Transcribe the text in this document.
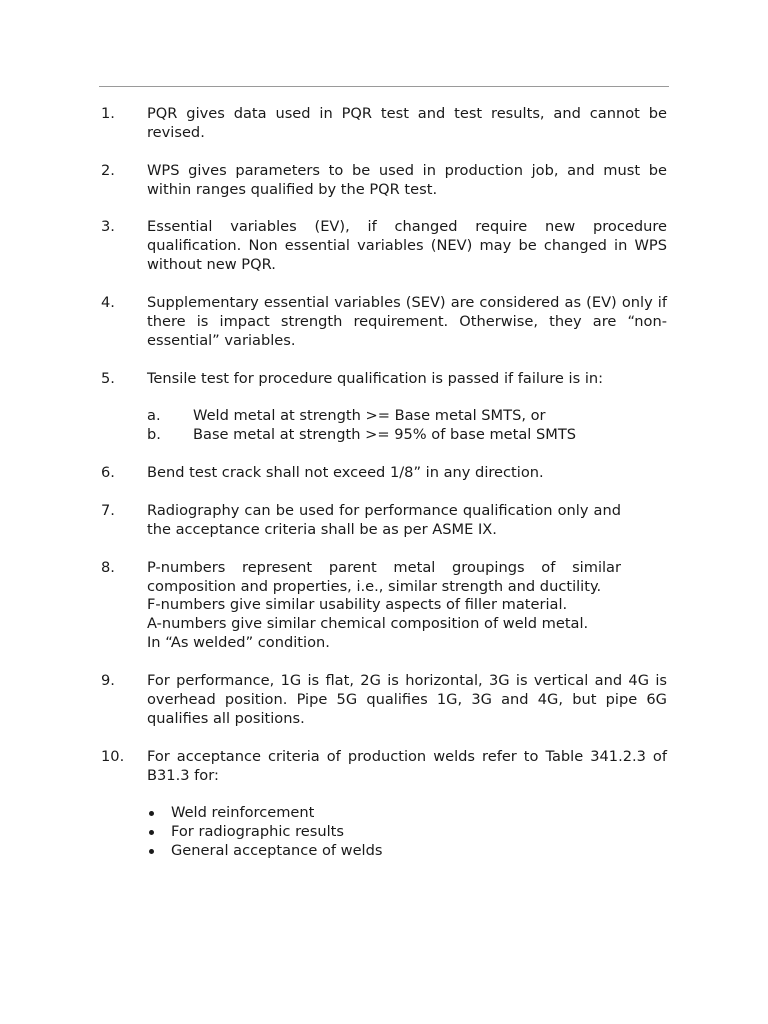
1.	PQR gives data used in PQR test and test results, and cannot be revised.
2.	WPS gives parameters to be used in production job, and must be within ranges qualified by the PQR test.
3.	Essential variables (EV), if changed require new procedure qualification. Non essential variables (NEV) may be changed in WPS without new PQR.
4.	Supplementary essential variables (SEV) are considered as (EV) only if there is impact strength requirement. Otherwise, they are “non-essential” variables.
5.	Tensile test for procedure qualification is passed if failure is in:
a.	Weld metal at strength >= Base metal SMTS, or
b.	Base metal at strength >= 95% of base metal SMTS
6.	Bend test crack shall not exceed 1/8” in any direction.
7.	Radiography can be used for performance qualification only and the acceptance criteria shall be as per ASME IX.
8.	P-numbers represent parent metal groupings of similar composition and properties, i.e., similar strength and ductility.
F-numbers give similar usability aspects of filler material.
A-numbers give similar chemical composition of weld metal.
In “As welded” condition.
9.	For performance, 1G is flat, 2G is horizontal, 3G is vertical and 4G is overhead position. Pipe 5G qualifies 1G, 3G and 4G, but pipe 6G qualifies all positions.
10.	For acceptance criteria of production welds refer to Table 341.2.3 of B31.3 for:
Weld reinforcement
For radiographic results
General acceptance of welds
